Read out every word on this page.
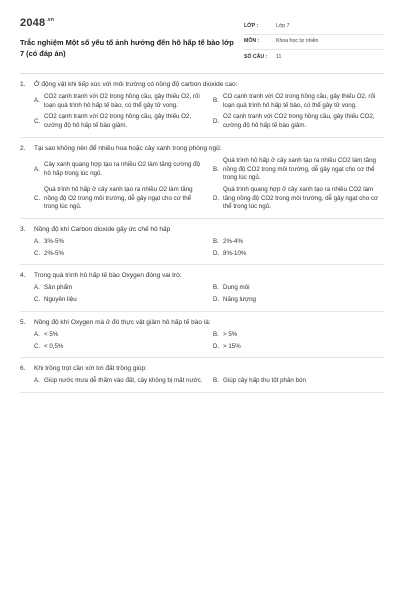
$2048^{.vn}$
Trắc nghiệm Một số yếu tố ảnh hưởng đến hô hấp tế bào lớp 7 (có đáp án)
LỚP :	Lớp 7
MÔN :	Khoa học tự nhiên
SỐ CÂU :	11
1.	Ở động vật khi tiếp xúc với môi trường có nồng độ carbon dioxide cao:
A.
CO2 cạnh tranh với O2 trong hồng cầu, gây thiếu O2, rối loạn quá trình hô hấp tế bào, có thể gây tử vong.
B.
CO cạnh tranh với O2 trong hồng cầu, gây thiếu O2, rối loạn quá trình hô hấp tế bào, có thể gây tử vong.
C.
CO2 cạnh tranh với O2 trong hồng cầu, gây thiếu O2, cường độ hô hấp tế bào giảm.
D.
O2 cạnh tranh với CO2 trong hồng cầu, gây thiếu CO2, cường độ hô hấp tế bào giảm.
2.	Tại sao không nên để nhiều hoa hoặc cây xanh trong phòng ngủ:
A.
Cây xanh quang hợp tạo ra nhiều O2 làm tăng cường độ hô hấp trong lúc ngủ.
B.
Quá trình hô hấp ở cây xanh tạo ra nhiều CO2 làm tăng nồng độ CO2 trong môi trường, dễ gây ngạt cho cơ thể trong lúc ngủ.
C.
Quá trình hô hấp ở cây xanh tạo ra nhiều O2 làm tăng nồng độ O2 trong môi trường, dễ gây ngạt cho cơ thể trong lúc ngủ.
D.
Quá trình quang hợp ở cây xanh tạo ra nhiều CO2 làm tăng nồng độ CO2 trong môi trường, dễ gây ngạt cho cơ thể trong lúc ngủ.
3.	Nồng độ khí Carbon dioxide gây ức chế hô hấp
A. 3%-5%	B. 2%-4%
C. 2%-5%	D. 8%-10%
4.	Trong quá trình hô hấp tế bào Oxygen đóng vai trò:
A. Sản phẩm	B. Dung môi
C. Nguyên liệu	D. Năng lượng
5.	Nồng độ khí Oxygen mà ở đó thực vật giảm hô hấp tế bào là:
A. < 5%	B. > 5%
C. < 0,5%	D. > 15%
6.	Khi trồng trọt cần xới tơi đất trồng giúp:
A. Giúp nước mưa dễ thấm vào đất, cây không bị mất nước.	B. Giúp cây hấp thu tốt phân bón
